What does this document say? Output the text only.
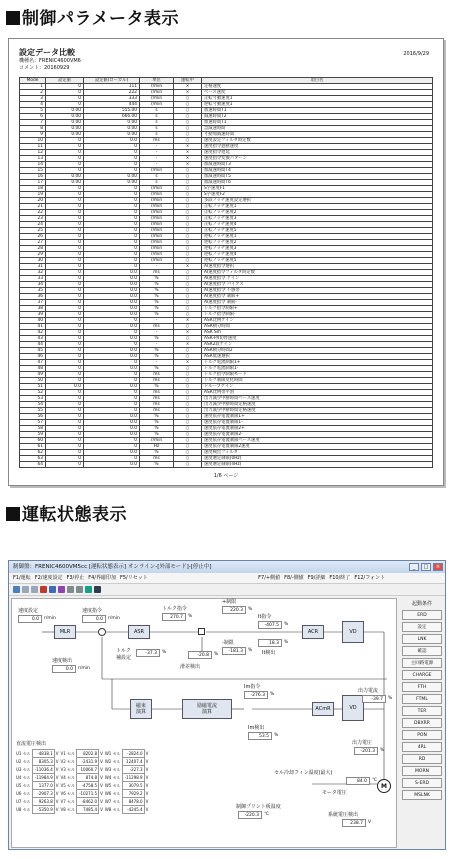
制御パラメータ表示
設定データ比較
機種名：FRENIC4600VM6
コメント：20160929
2016/9/29
Mode	設定値	設定値(ローカル)	単位	運転中	項目名
1	0	111	r/min	×	定格速度
2	0	222	r/min	×	ベース速度
3	0	333	r/min	○	正転寸動速度1
4	0	444	r/min	○	逆転寸動速度1
5	0.00	555.00	s	○	加速時間T1
6	0.00	666.00	s	○	減速時間T2
7	0.00	0.00	s	○	加速時間T1
8	0.00	0.00	s	○	急減速時間
9	0.00	0.00	s	○	寸動加減速時間
10	0	0.0	ms	○	速度設定フィルタ時定数
11	0	0	-	×	速度指令遮断速度
12	0	0	-	×	速度指令遅延
13	0	0	-	×	速度指令変換パターン
14	0	0	-	×	加減速時間T3
15	0	0	r/min	○	加減速時間T4
16	0.00	0.00	s	○	加減速時間T5
17	0.00	0.00	s	○	加減速時間T6
18	0	0	r/min	○	S字速度F1
19	0	0	r/min	○	S字速度F2
20	0	0	r/min	○	多段ノッチ速度設定選択
21	0	0	r/min	○	正転ノッチ速度1
22	0	0	r/min	○	正転ノッチ速度2
23	0	0	r/min	○	正転ノッチ速度3
24	0	0	r/min	○	正転ノッチ速度4
25	0	0	r/min	○	正転ノッチ速度5
26	0	0	r/min	○	逆転ノッチ速度1
27	0	0	r/min	○	逆転ノッチ速度2
28	0	0	r/min	○	逆転ノッチ速度3
29	0	0	r/min	○	逆転ノッチ速度4
30	0	0	r/min	○	逆転ノッチ速度5
31	0	0	-	×	AI速度指令選択
32	0	0.0	ms	○	AI速度指令フィルタ時定数
33	0	0.0	%	○	AI速度指令 ゲイン
34	0	0.0	%	○	AI速度指令 バイアス
35	0	0.0	%	○	AI速度指令 不感帯
36	0	0.0	%	○	AI速度指令 制限+
37	0	0.0	%	○	AI速度指令 制限-
38	0	0.0	%	○	トルク指令制限+
39	0	0.0	%	○	トルク指令制限-
40	0	0	-	×	ASR比例ゲイン
41	0	0.0	ms	○	ASR積分時間
42	0	0	-	×	ASR Sm
43	0	0.0	%	○	ASR-P/I切替速度
44	0	0	-	×	ASR2段ゲイン
45	0	0.0	%	○	ASR積分時間2
46	0	0.0	%	○	ASR低速選択
47	0	0	-	×	トルク電流制限1+
48	0	0.0	%	○	トルク電流制限1-
49	0	0	ms	○	トルク指令制限モード
50	0	0	ms	○	トルク制限変化時間
51	0.0	0.0	%	○	ドループゲイン
52	0	0	ms	○	ASR比例帯平滑
53	0	0	ms	○	出力減少中断時間ベース速度
54	0	0	ms	○	出力減少中断時間定格速度
55	0	0	ms	○	出力減少中断時間定格速度
56	0	0.0	%	○	速度依存電流制限1+
57	0	0.0	%	○	速度依存電流制限1-
58	0	0.0	%	○	速度依存電流制限2+
59	0	0.0	%	○	速度依存電流制限2-
60	0	0	r/min	○	速度依存電流制限ベース速度
61	0	0	Hz	○	速度依存電流制限2速度
62	0	0.0	%	○	速度検出フィルタ
63	0	0	ms	○	速度選定制限(0Hz)
64	0	0.0	%	○	速度選定制限(nHz)
1/6 ページ
運転状態表示
制御盤：FRENIC4600VM5cc [運転状態表示] オンライン-[外部モード]-[停止中]	_	□	×
F1/運転 F2/速度設定 F3/停止 F4/界磁印加 F5/リセット	F7/+側値 F8/-側値 F9/詳細 F10/終了 F12/フォント
速度設定
0.0	r/min
速度指令
0.0	r/min
MLR	ASR
トルク指令
270.7	%
+制限
220.3	%
It指令
-407.5	%
ACR	VD
18.3	%
It検出
-制限
-181.3	%
トルク
補設定
-37.3	%
-20.8	%
滑差検出
速度検出
0.0	r/min
磁束
演算
励磁電流
演算
Im指令
-276.3	%
ACmR	VD
Im検出
53.5	%
出力電流
-39.7	%
出力電圧
-201.3	%
M
セル冷却フィン温度(最大)
84.0	℃
モータ電圧
制御プリント板温度
-220.3	℃	系統電圧検出
238.7	V
直流電圧検出
U1 セル	-4838.1	V	V1 セル	8202.8	V	W1 セル	-2824.0	V
U2 セル	8305.3	V	V2 セル	-2431.9	V	W2 セル	12407.4	V
U3 セル	-11036.4	V	V3 セル	10060.7	V	W3 セル	-227.3	V
U4 セル	-11984.9	V	V4 セル	874.8	V	W4 セル	-11298.9	V
U5 セル	1377.0	V	V5 セル	-4758.5	V	W5 セル	3079.5	V
U6 セル	-2907.3	V	V6 セル	-10271.5	V	W6 セル	7929.2	V
U7 セル	9263.8	V	V7 セル	-8462.0	V	W7 セル	8478.0	V
U8 セル	-5350.9	V	V8 セル	7485.4	V	W8 セル	-4245.4	V
起動条件
ERD
設定
LNK
確認
主回路電源
CHARGE
FTH
FTML
TER
DBXRR
PON
4RL
RD
MORN
S-ERD
MSLNK
